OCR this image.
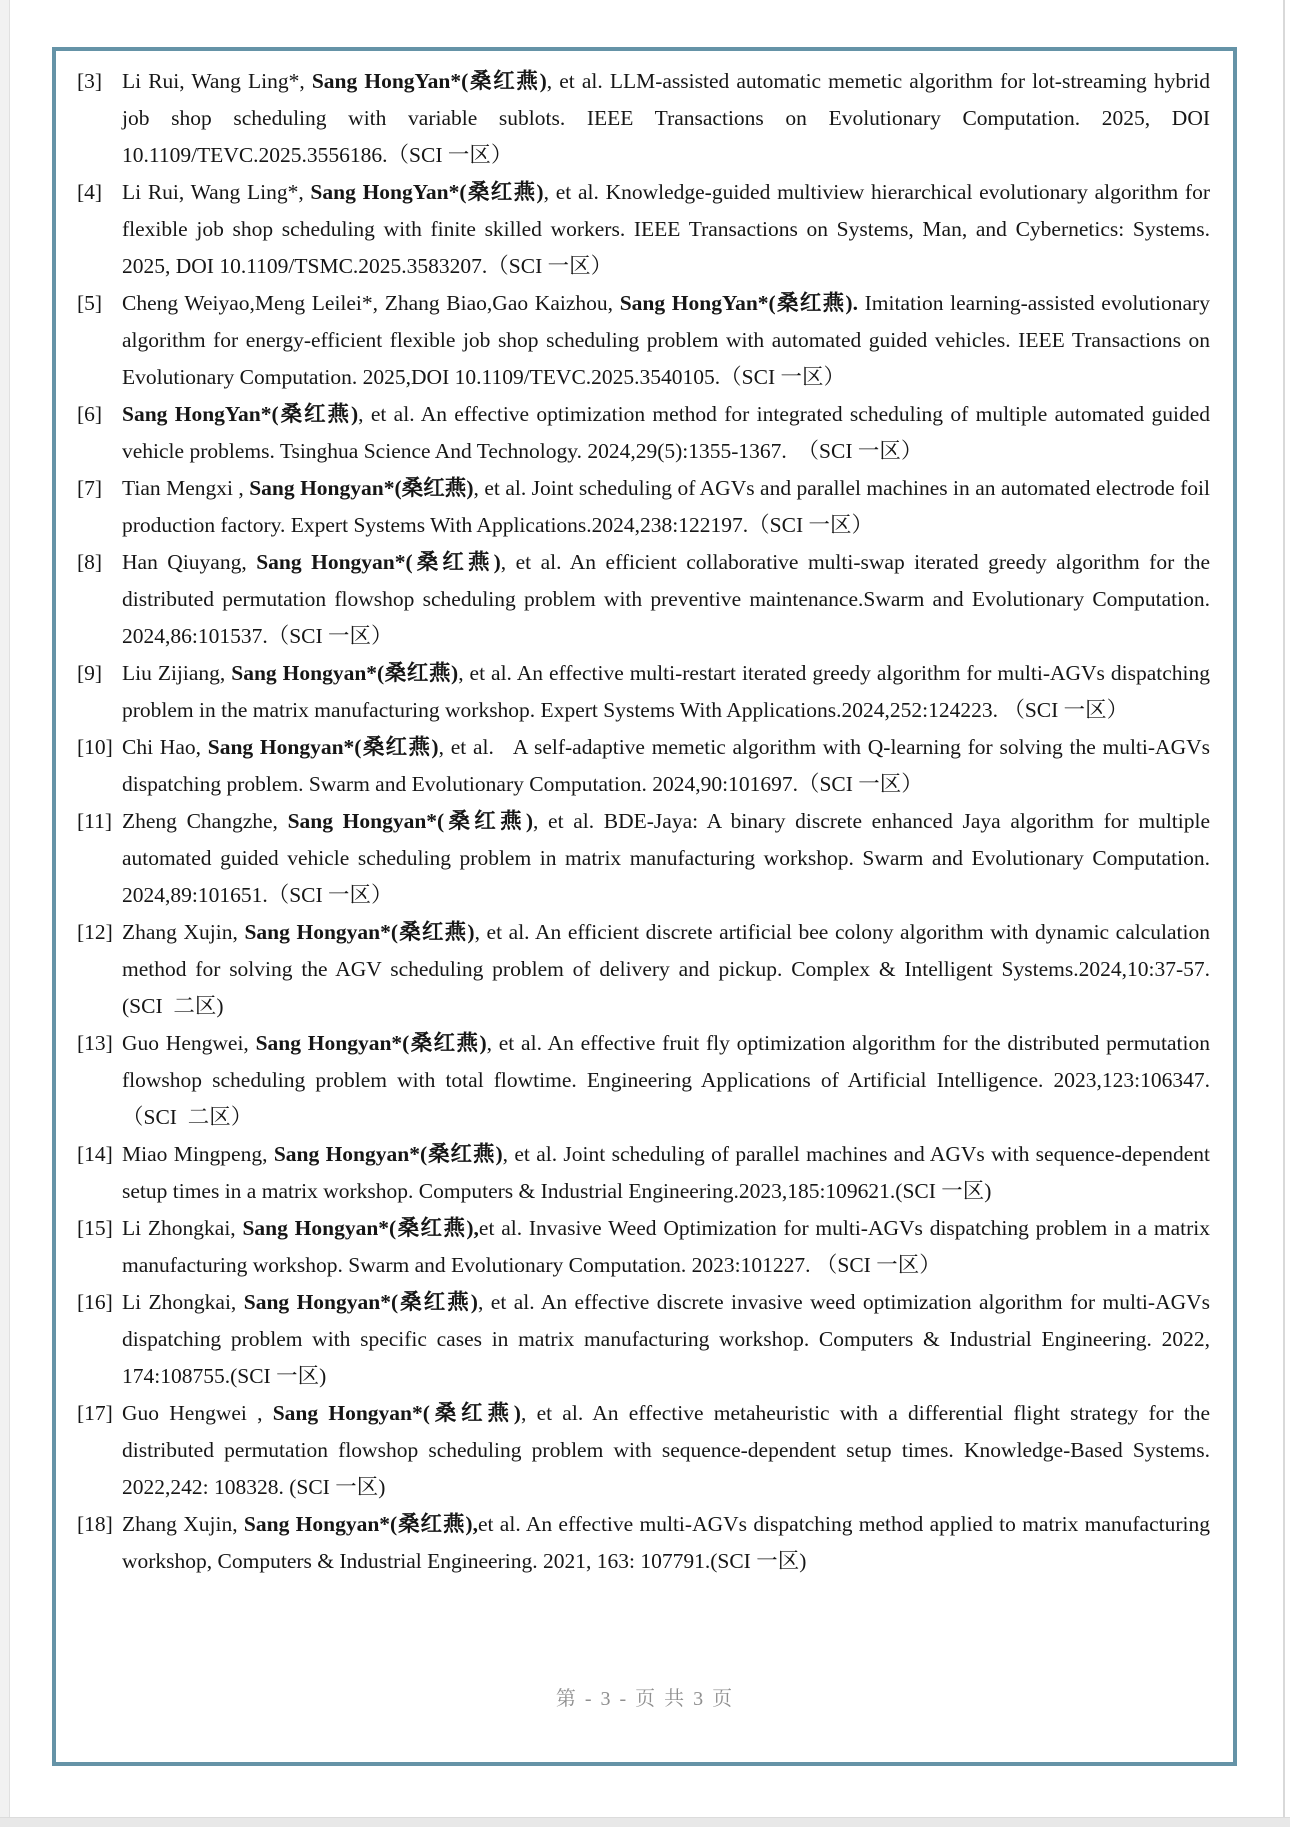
[3] Li Rui, Wang Ling*, Sang HongYan*(桑红燕), et al. LLM-assisted automatic memetic algorithm for lot-streaming hybrid job shop scheduling with variable sublots. IEEE Transactions on Evolutionary Computation. 2025, DOI 10.1109/TEVC.2025.3556186.（SCI 一区）

[4] Li Rui, Wang Ling*, Sang HongYan*(桑红燕), et al. Knowledge-guided multiview hierarchical evolutionary algorithm for flexible job shop scheduling with finite skilled workers. IEEE Transactions on Systems, Man, and Cybernetics: Systems. 2025, DOI 10.1109/TSMC.2025.3583207.（SCI 一区）

[5] Cheng Weiyao,Meng Leilei*, Zhang Biao,Gao Kaizhou, Sang HongYan*(桑红燕). Imitation learning-assisted evolutionary algorithm for energy-efficient flexible job shop scheduling problem with automated guided vehicles. IEEE Transactions on Evolutionary Computation. 2025,DOI 10.1109/TEVC.2025.3540105.（SCI 一区）

[6] Sang HongYan*(桑红燕), et al. An effective optimization method for integrated scheduling of multiple automated guided vehicle problems. Tsinghua Science And Technology. 2024,29(5):1355-1367.  （SCI 一区）

[7] Tian Mengxi , Sang Hongyan*(桑红燕), et al. Joint scheduling of AGVs and parallel machines in an automated electrode foil production factory. Expert Systems With Applications.2024,238:122197.（SCI 一区）

[8] Han Qiuyang, Sang Hongyan*(桑红燕), et al. An efficient collaborative multi-swap iterated greedy algorithm for the distributed permutation flowshop scheduling problem with preventive maintenance.Swarm and Evolutionary Computation. 2024,86:101537.（SCI 一区）

[9] Liu Zijiang, Sang Hongyan*(桑红燕), et al. An effective multi-restart iterated greedy algorithm for multi-AGVs dispatching problem in the matrix manufacturing workshop. Expert Systems With Applications.2024,252:124223. （SCI 一区）

[10] Chi Hao, Sang Hongyan*(桑红燕), et al.   A self-adaptive memetic algorithm with Q-learning for solving the multi-AGVs dispatching problem. Swarm and Evolutionary Computation. 2024,90:101697.（SCI 一区）

[11] Zheng Changzhe, Sang Hongyan*(桑红燕), et al. BDE-Jaya: A binary discrete enhanced Jaya algorithm for multiple automated guided vehicle scheduling problem in matrix manufacturing workshop. Swarm and Evolutionary Computation. 2024,89:101651.（SCI 一区）

[12] Zhang Xujin, Sang Hongyan*(桑红燕), et al. An efficient discrete artificial bee colony algorithm with dynamic calculation method for solving the AGV scheduling problem of delivery and pickup. Complex & Intelligent Systems.2024,10:37-57. (SCI  二区)

[13] Guo Hengwei, Sang Hongyan*(桑红燕), et al. An effective fruit fly optimization algorithm for the distributed permutation flowshop scheduling problem with total flowtime. Engineering Applications of Artificial Intelligence. 2023,123:106347.（SCI  二区）

[14] Miao Mingpeng, Sang Hongyan*(桑红燕), et al. Joint scheduling of parallel machines and AGVs with sequence-dependent setup times in a matrix workshop. Computers & Industrial Engineering.2023,185:109621.(SCI 一区)

[15] Li Zhongkai, Sang Hongyan*(桑红燕),et al. Invasive Weed Optimization for multi-AGVs dispatching problem in a matrix manufacturing workshop. Swarm and Evolutionary Computation. 2023:101227. （SCI 一区）

[16] Li Zhongkai, Sang Hongyan*(桑红燕), et al. An effective discrete invasive weed optimization algorithm for multi-AGVs dispatching problem with specific cases in matrix manufacturing workshop. Computers & Industrial Engineering. 2022, 174:108755.(SCI 一区)

[17] Guo Hengwei , Sang Hongyan*(桑红燕), et al. An effective metaheuristic with a differential flight strategy for the distributed permutation flowshop scheduling problem with sequence-dependent setup times. Knowledge-Based Systems. 2022,242: 108328. (SCI 一区)

[18] Zhang Xujin, Sang Hongyan*(桑红燕),et al. An effective multi-AGVs dispatching method applied to matrix manufacturing workshop, Computers & Industrial Engineering. 2021, 163: 107791.(SCI 一区)

第 - 3 - 页 共 3 页
